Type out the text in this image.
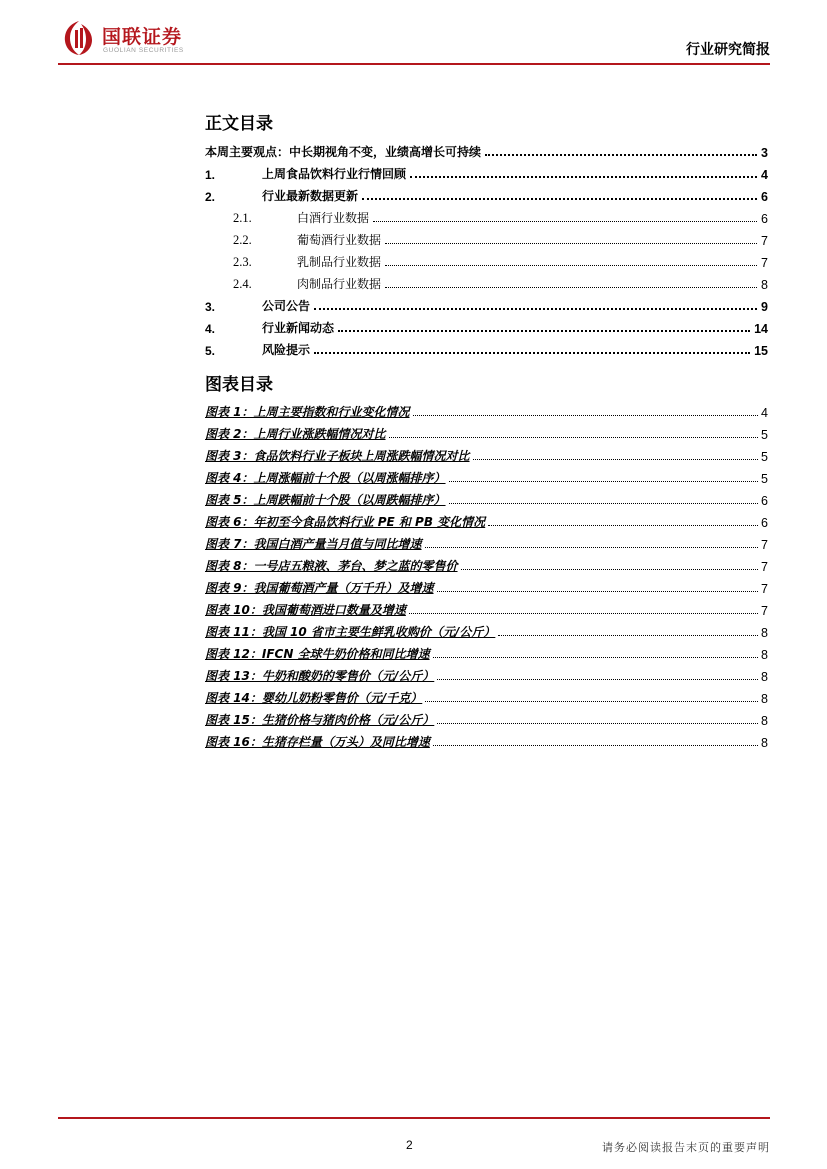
国联证券
GUOLIAN SECURITIES	行业研究简报
正文目录
本周主要观点：中长期视角不变，业绩高增长可持续	3
1.	上周食品饮料行业行情回顾	4
2.	行业最新数据更新	6
2.1.	白酒行业数据	6
2.2.	葡萄酒行业数据	7
2.3.	乳制品行业数据	7
2.4.	肉制品行业数据	8
3.	公司公告	9
4.	行业新闻动态	14
5.	风险提示	15
图表目录
图表 1：上周主要指数和行业变化情况	4
图表 2：上周行业涨跌幅情况对比	5
图表 3：食品饮料行业子板块上周涨跌幅情况对比	5
图表 4：上周涨幅前十个股（以周涨幅排序）	5
图表 5：上周跌幅前十个股（以周跌幅排序）	6
图表 6：年初至今食品饮料行业 PE 和 PB 变化情况	6
图表 7：我国白酒产量当月值与同比增速	7
图表 8：一号店五粮液、茅台、梦之蓝的零售价	7
图表 9：我国葡萄酒产量（万千升）及增速	7
图表 10：我国葡萄酒进口数量及增速	7
图表 11：我国 10 省市主要生鲜乳收购价（元/公斤）	8
图表 12：IFCN 全球牛奶价格和同比增速	8
图表 13：牛奶和酸奶的零售价（元/公斤）	8
图表 14：婴幼儿奶粉零售价（元/千克）	8
图表 15：生猪价格与猪肉价格（元/公斤）	8
图表 16：生猪存栏量（万头）及同比增速	8
2	请务必阅读报告末页的重要声明
